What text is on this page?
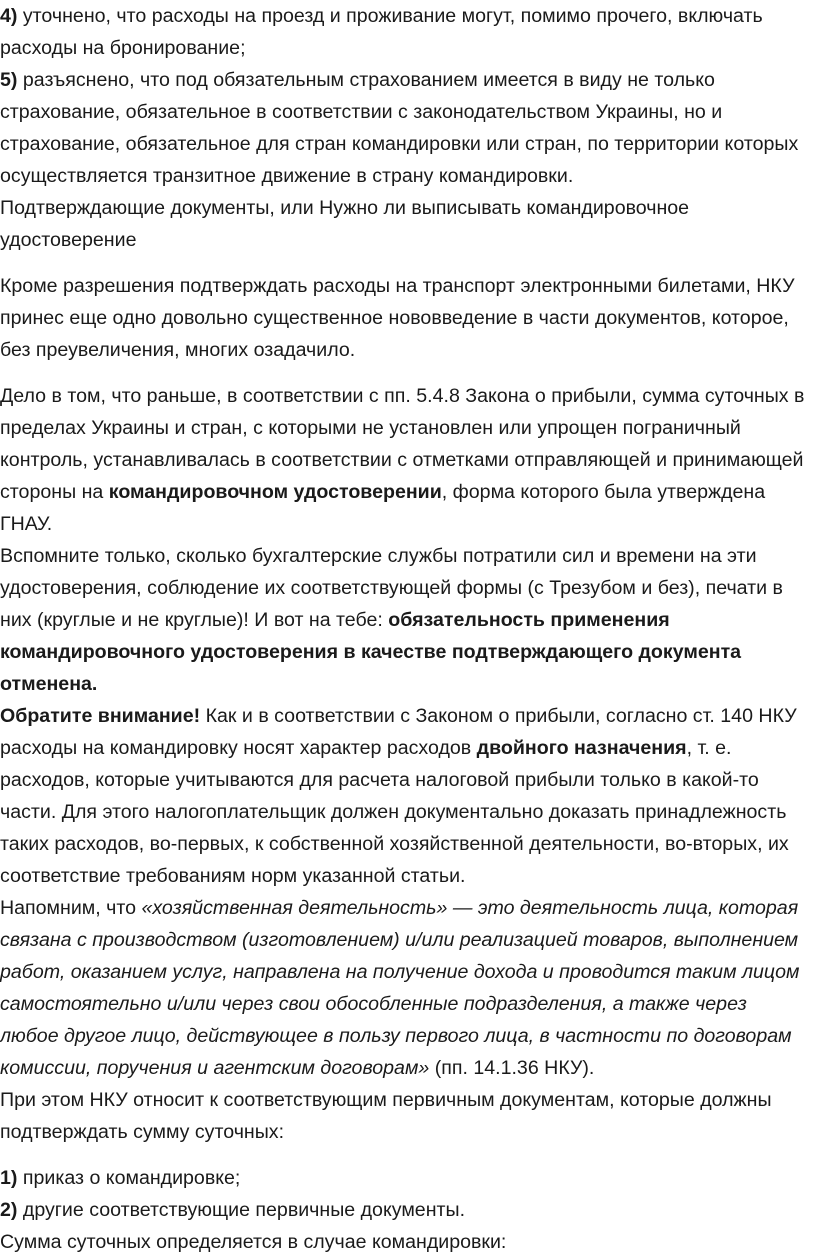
4) уточнено, что расходы на проезд и проживание могут, помимо прочего, включать расходы на бронирование;

5) разъяснено, что под обязательным страхованием имеется в виду не только страхование, обязательное в соответствии с законодательством Украины, но и страхование, обязательное для стран командировки или стран, по территории которых осуществляется транзитное движение в страну командировки.

Подтверждающие документы, или Нужно ли выписывать командировочное удостоверение

Кроме разрешения подтверждать расходы на транспорт электронными билетами, НКУ принес еще одно довольно существенное нововведение в части документов, которое, без преувеличения, многих озадачило.

Дело в том, что раньше, в соответствии с пп. 5.4.8 Закона о прибыли, сумма суточных в пределах Украины и стран, с которыми не установлен или упрощен пограничный контроль, устанавливалась в соответствии с отметками отправляющей и принимающей стороны на командировочном удостоверении, форма которого была утверждена ГНАУ.

Вспомните только, сколько бухгалтерские службы потратили сил и времени на эти удостоверения, соблюдение их соответствующей формы (с Трезубом и без), печати в них (круглые и не круглые)! И вот на тебе: обязательность применения командировочного удостоверения в качестве подтверждающего документа отменена.

Обратите внимание! Как и в соответствии с Законом о прибыли, согласно ст. 140 НКУ расходы на командировку носят характер расходов двойного назначения, т. е. расходов, которые учитываются для расчета налоговой прибыли только в какой-то части. Для этого налогоплательщик должен документально доказать принадлежность таких расходов, во-первых, к собственной хозяйственной деятельности, во-вторых, их соответствие требованиям норм указанной статьи.

Напомним, что «хозяйственная деятельность» — это деятельность лица, которая связана с производством (изготовлением) и/или реализацией товаров, выполнением работ, оказанием услуг, направлена на получение дохода и проводится таким лицом самостоятельно и/или через свои обособленные подразделения, а также через любое другое лицо, действующее в пользу первого лица, в частности по договорам комиссии, поручения и агентским договорам» (пп. 14.1.36 НКУ).

При этом НКУ относит к соответствующим первичным документам, которые должны подтверждать сумму суточных:

1) приказ о командировке;

2) другие соответствующие первичные документы.

Сумма суточных определяется в случае командировки:
